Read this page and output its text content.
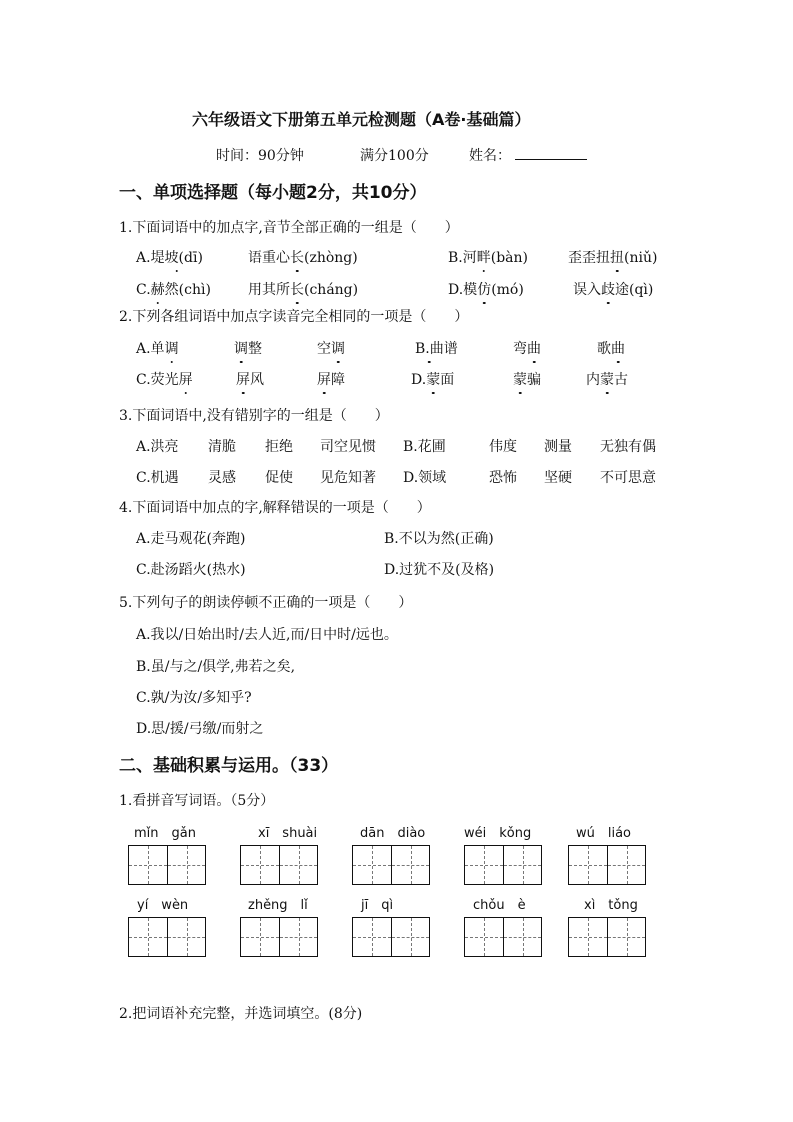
六年级语文下册第五单元检测题（A卷·基础篇）
时间：90分钟	满分100分	姓名：
一、单项选择题（每小题2分，共10分）
1.下面词语中的加点字,音节全部正确的一组是（　　）
A.堤坡(dī)	语重心长(zhòng)	B.河畔(bàn)	歪歪扭扭(niǔ)
C.赫然(chì)	用其所长(cháng)	D.模仿(mó)	误入歧途(qì)
2.下列各组词语中加点字读音完全相同的一项是（　　）
A.单调	调整	空调	B.曲谱	弯曲	歌曲
C.荧光屏	屏风	屏障	D.蒙面	蒙骗	内蒙古
3.下面词语中,没有错别字的一组是（　　）
A.洪亮 清脆 拒绝 司空见惯 B.花圃	伟度 测量 无独有偶
C.机遇 灵感 促使 见危知著 D.领域	恐怖 坚硬 不可思意
4.下面词语中加点的字,解释错误的一项是（　　）
A.走马观花(奔跑)	B.不以为然(正确)
C.赴汤蹈火(热水)	D.过犹不及(及格)
5.下列句子的朗读停顿不正确的一项是（　　）
A.我以/日始出时/去人近,而/日中时/远也。
B.虽/与之/俱学,弗若之矣,
C.孰/为汝/多知乎?
D.思/援/弓缴/而射之
二、基础积累与运用。（33）
1.看拼音写词语。（5分）
mǐn　gǎn	xī　shuài	dān　diào	wéi　kǒng	wú　liáo
yí　wèn	zhěng　lǐ	jī　qì	chǒu　è	xì　tǒng
2.把词语补充完整，并选词填空。(8分)
